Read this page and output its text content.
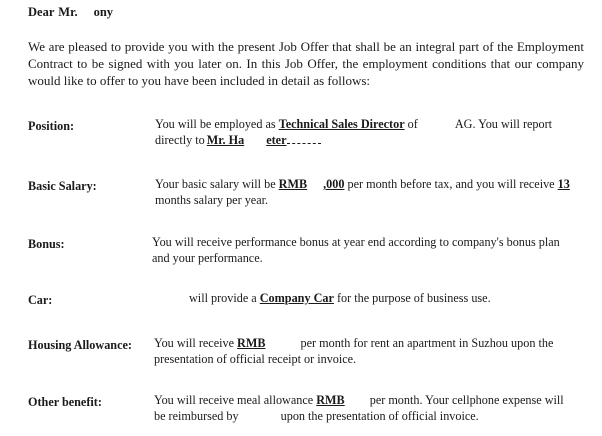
Dear Mr. ony
We are pleased to provide you with the present Job Offer that shall be an integral part of the Employment Contract to be signed with you later on. In this Job Offer, the employment conditions that our company would like to offer to you have been included in detail as follows:
Position:	You will be employed as Technical Sales Director of	AG. You will report
directly to Mr. Ha eter
Basic Salary:	Your basic salary will be RMB ,000 per month before tax, and you will receive 13
months salary per year.
Bonus:	You will receive performance bonus at year end according to company's bonus plan
and your performance.
Car:	will provide a Company Car for the purpose of business use.
Housing Allowance: You will receive RMB	per month for rent an apartment in Suzhou upon the
presentation of official receipt or invoice.
Other benefit:	You will receive meal allowance RMB per month. Your cellphone expense will
be reimbursed by	upon the presentation of official invoice.
